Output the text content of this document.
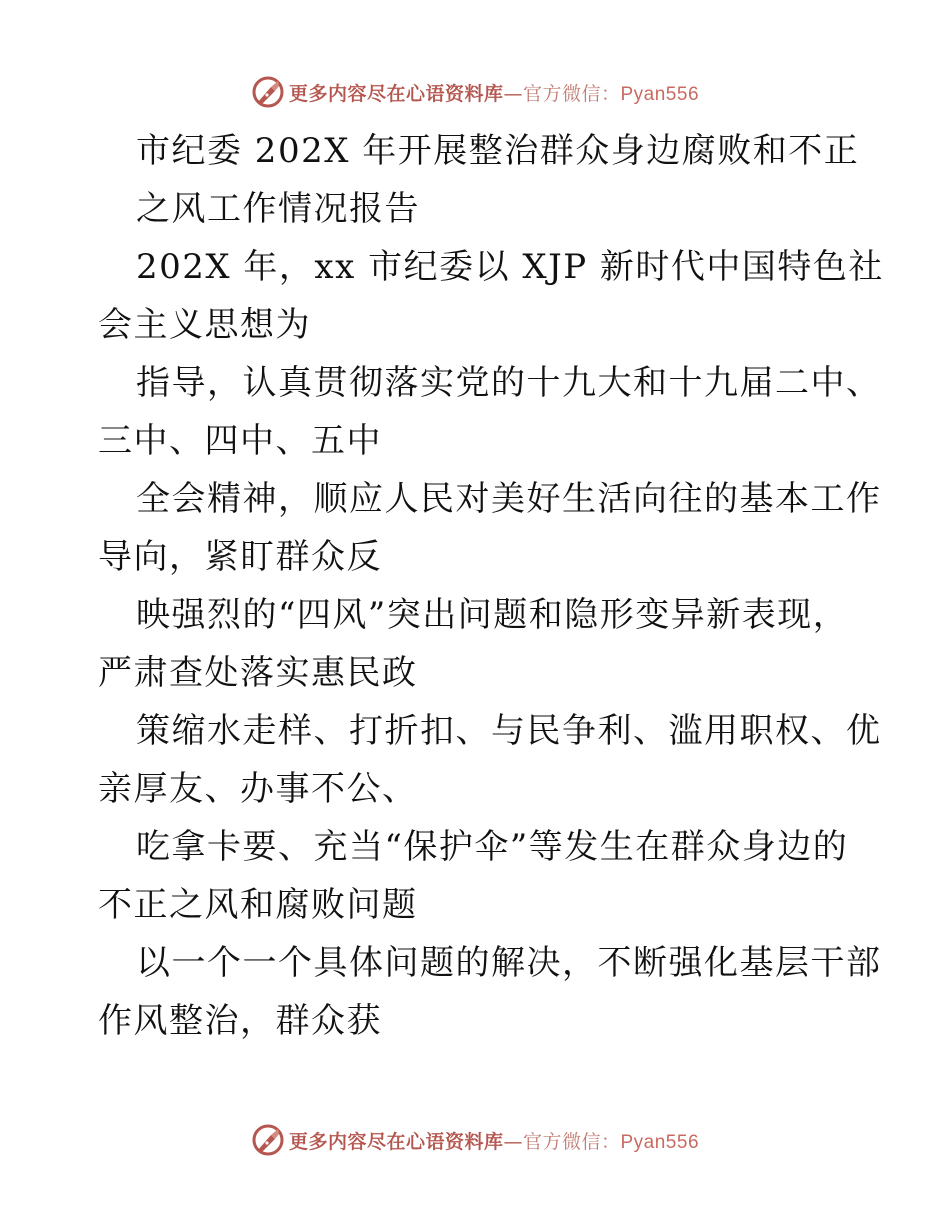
更多内容尽在心语资料库—官方微信：Pyan556
市纪委 202X 年开展整治群众身边腐败和不正
之风工作情况报告
202X 年，xx 市纪委以 XJP 新时代中国特色社
会主义思想为
指导，认真贯彻落实党的十九大和十九届二中、
三中、四中、五中
全会精神，顺应人民对美好生活向往的基本工作
导向，紧盯群众反
映强烈的“四风”突出问题和隐形变异新表现，
严肃查处落实惠民政
策缩水走样、打折扣、与民争利、滥用职权、优
亲厚友、办事不公、
吃拿卡要、充当“保护伞”等发生在群众身边的
不正之风和腐败问题
以一个一个具体问题的解决，不断强化基层干部
作风整治，群众获
更多内容尽在心语资料库—官方微信：Pyan556
